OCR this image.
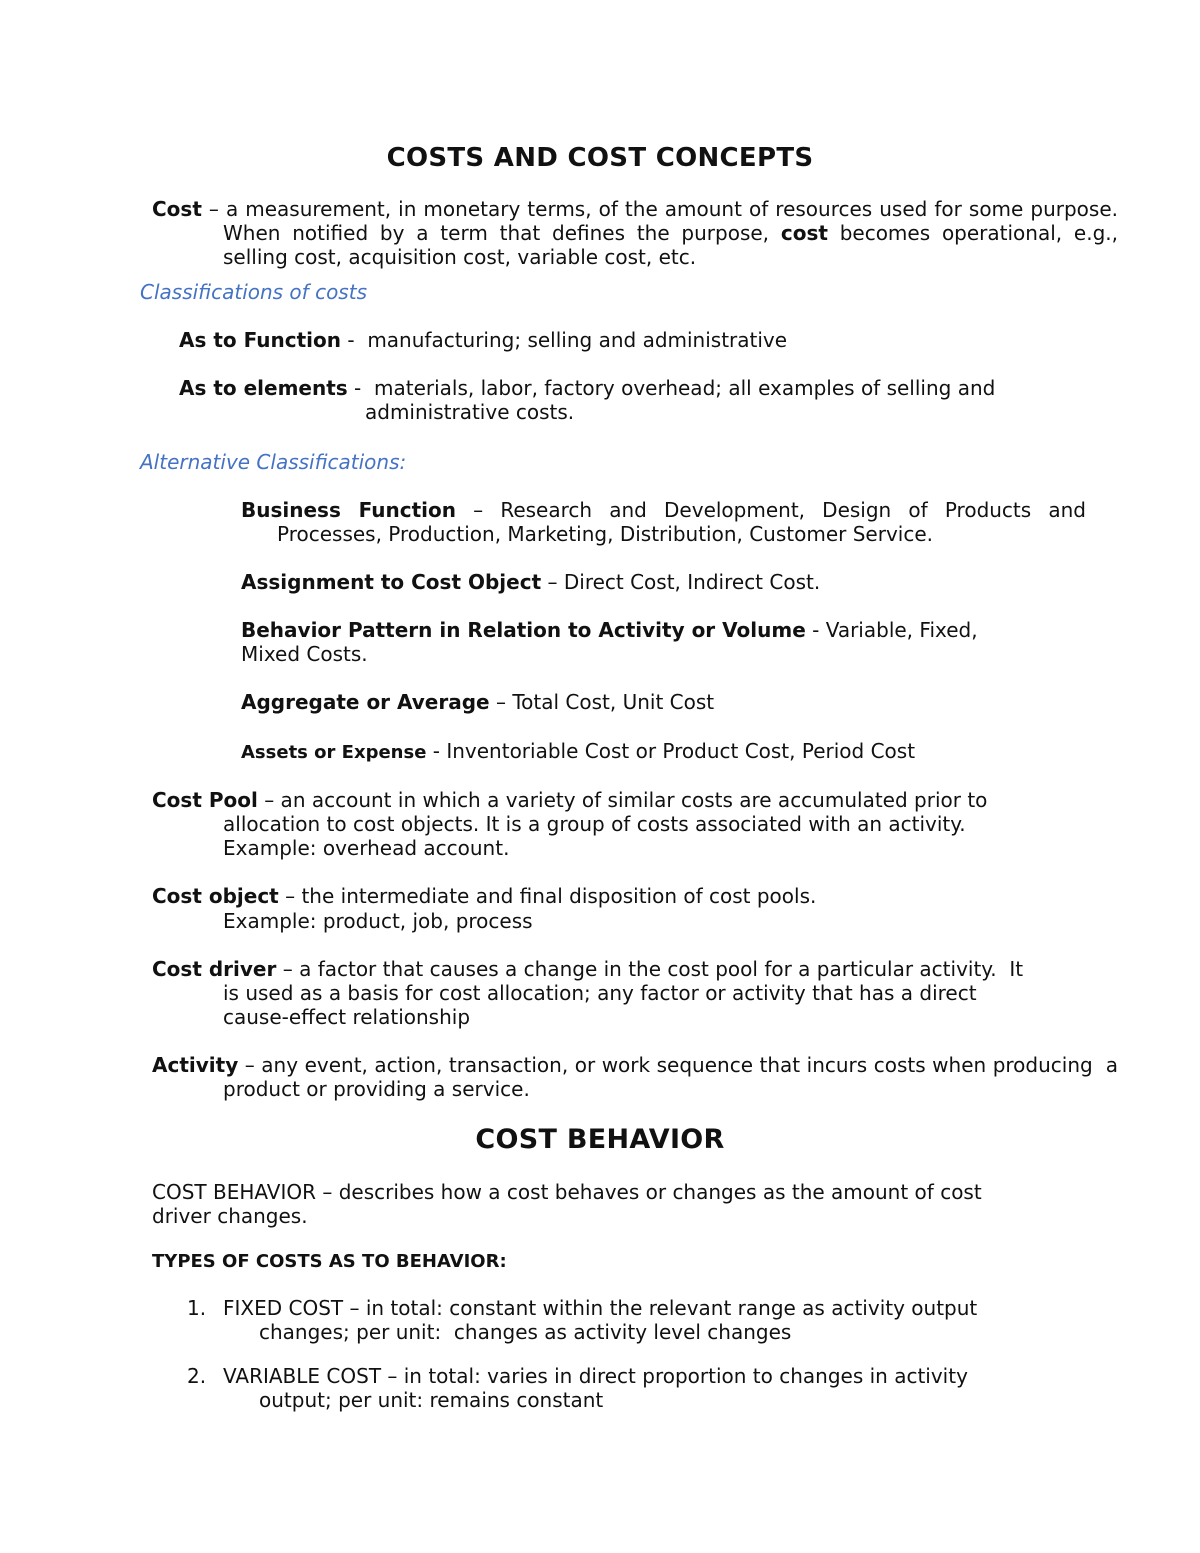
COSTS AND COST CONCEPTS
Cost – a measurement, in monetary terms, of the amount of resources used for some purpose. When notified by a term that defines the purpose, cost becomes operational, e.g., selling cost, acquisition cost, variable cost, etc.
Classifications of costs
As to Function -  manufacturing; selling and administrative
As to elements -  materials, labor, factory overhead; all examples of selling and
administrative costs.
Alternative Classifications:
Business Function – Research and Development, Design of Products and Processes, Production, Marketing, Distribution, Customer Service.
Assignment to Cost Object – Direct Cost, Indirect Cost.
Behavior Pattern in Relation to Activity or Volume - Variable, Fixed, Mixed Costs.
Aggregate or Average – Total Cost, Unit Cost
Assets or Expense - Inventoriable Cost or Product Cost, Period Cost
Cost Pool – an account in which a variety of similar costs are accumulated prior to
allocation to cost objects. It is a group of costs associated with an activity.
Example: overhead account.
Cost object – the intermediate and final disposition of cost pools.
Example: product, job, process
Cost driver – a factor that causes a change in the cost pool for a particular activity.  It
is used as a basis for cost allocation; any factor or activity that has a direct
cause-effect relationship
Activity – any event, action, transaction, or work sequence that incurs costs when producing  a product or providing a service.
COST BEHAVIOR
COST BEHAVIOR – describes how a cost behaves or changes as the amount of cost driver changes.
TYPES OF COSTS AS TO BEHAVIOR:
1. FIXED COST – in total: constant within the relevant range as activity output
changes; per unit:  changes as activity level changes
2. VARIABLE COST – in total: varies in direct proportion to changes in activity
output; per unit: remains constant
